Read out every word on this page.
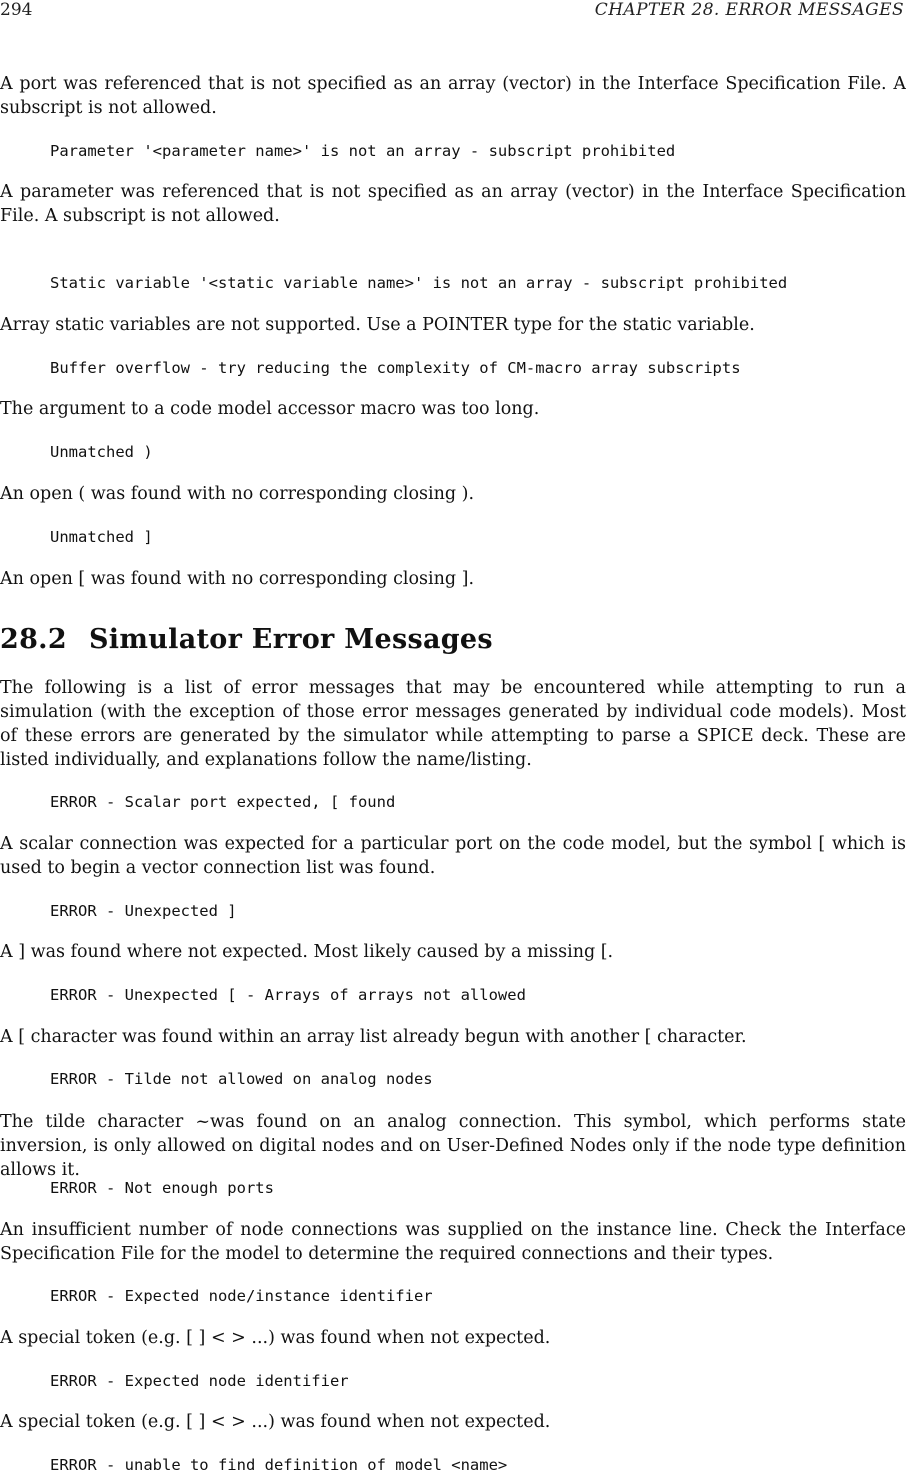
294	CHAPTER 28. ERROR MESSAGES
A port was referenced that is not specified as an array (vector) in the Interface Specification File. A subscript is not allowed.
Parameter '<parameter name>' is not an array - subscript prohibited
A parameter was referenced that is not specified as an array (vector) in the Interface Specification File. A subscript is not allowed.
Static variable '<static variable name>' is not an array - subscript prohibited
Array static variables are not supported. Use a POINTER type for the static variable.
Buffer overflow - try reducing the complexity of CM-macro array subscripts
The argument to a code model accessor macro was too long.
Unmatched )
An open ( was found with no corresponding closing ).
Unmatched ]
An open [ was found with no corresponding closing ].
28.2 Simulator Error Messages
The following is a list of error messages that may be encountered while attempting to run a simulation (with the exception of those error messages generated by individual code models). Most of these errors are generated by the simulator while attempting to parse a SPICE deck. These are listed individually, and explanations follow the name/listing.
ERROR - Scalar port expected, [ found
A scalar connection was expected for a particular port on the code model, but the symbol [ which is used to begin a vector connection list was found.
ERROR - Unexpected ]
A ] was found where not expected. Most likely caused by a missing [.
ERROR - Unexpected [ - Arrays of arrays not allowed
A [ character was found within an array list already begun with another [ character.
ERROR - Tilde not allowed on analog nodes
The tilde character ~was found on an analog connection. This symbol, which performs state inversion, is only allowed on digital nodes and on User-Defined Nodes only if the node type definition allows it.
ERROR - Not enough ports
An insufficient number of node connections was supplied on the instance line. Check the Interface Specification File for the model to determine the required connections and their types.
ERROR - Expected node/instance identifier
A special token (e.g. [ ] < > ...) was found when not expected.
ERROR - Expected node identifier
A special token (e.g. [ ] < > ...) was found when not expected.
ERROR - unable to find definition of model <name>
